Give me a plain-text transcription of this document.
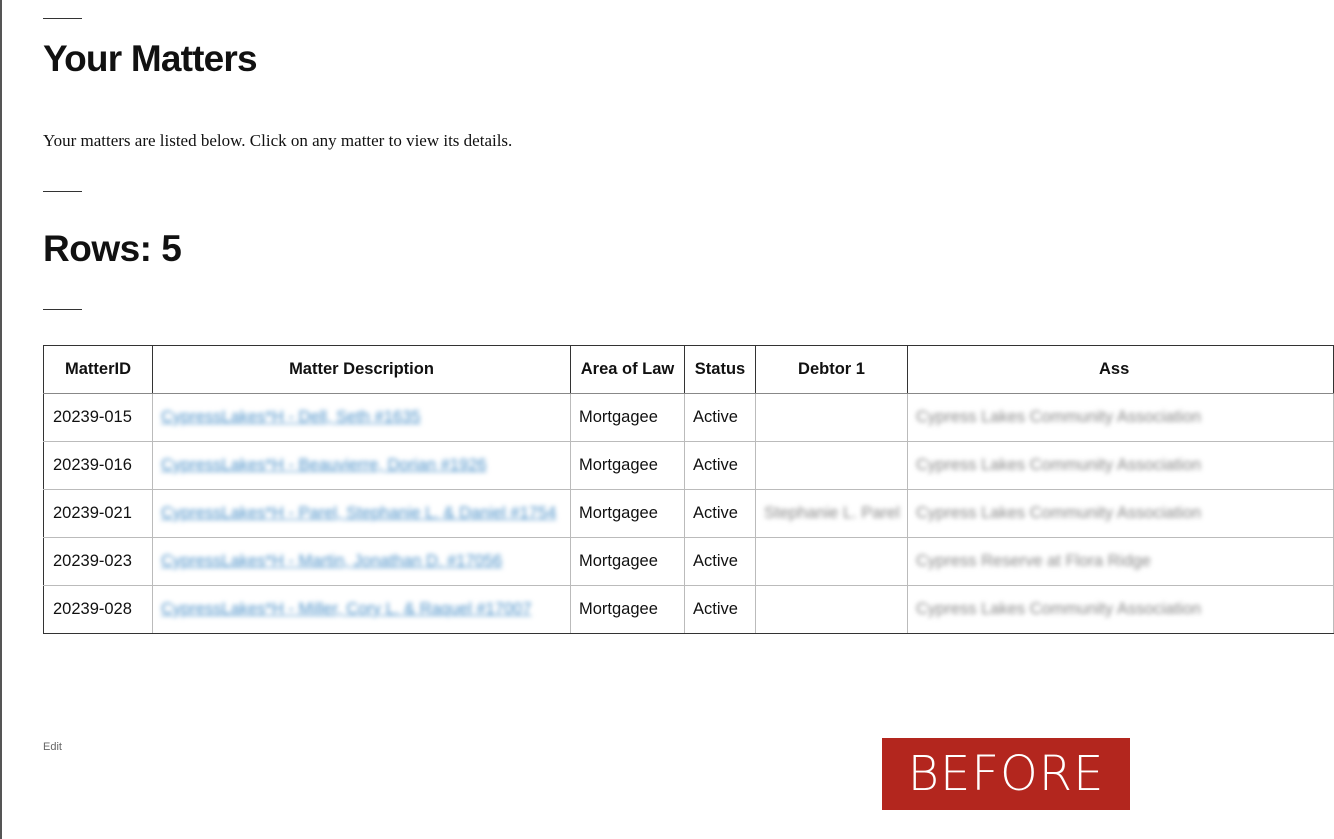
Your Matters

Your matters are listed below. Click on any matter to view its details.

Rows: 5
MatterID	Matter Description	Area of Law	Status	Debtor 1	Ass
20239-015	CypressLakes*H - Dell, Seth #1635	Mortgagee	Active		Cypress Lakes Community Association
20239-016	CypressLakes*H - Beauvierre, Dorian #1926	Mortgagee	Active		Cypress Lakes Community Association
20239-021	CypressLakes*H - Parel, Stephanie L. & Daniel #1754	Mortgagee	Active	Stephanie L. Parel	Cypress Lakes Community Association
20239-023	CypressLakes*H - Martin, Jonathan D. #17056	Mortgagee	Active		Cypress Reserve at Flora Ridge
20239-028	CypressLakes*H - Miller, Cory L. & Raquel #17007	Mortgagee	Active		Cypress Lakes Community Association
Edit	BEFORE
